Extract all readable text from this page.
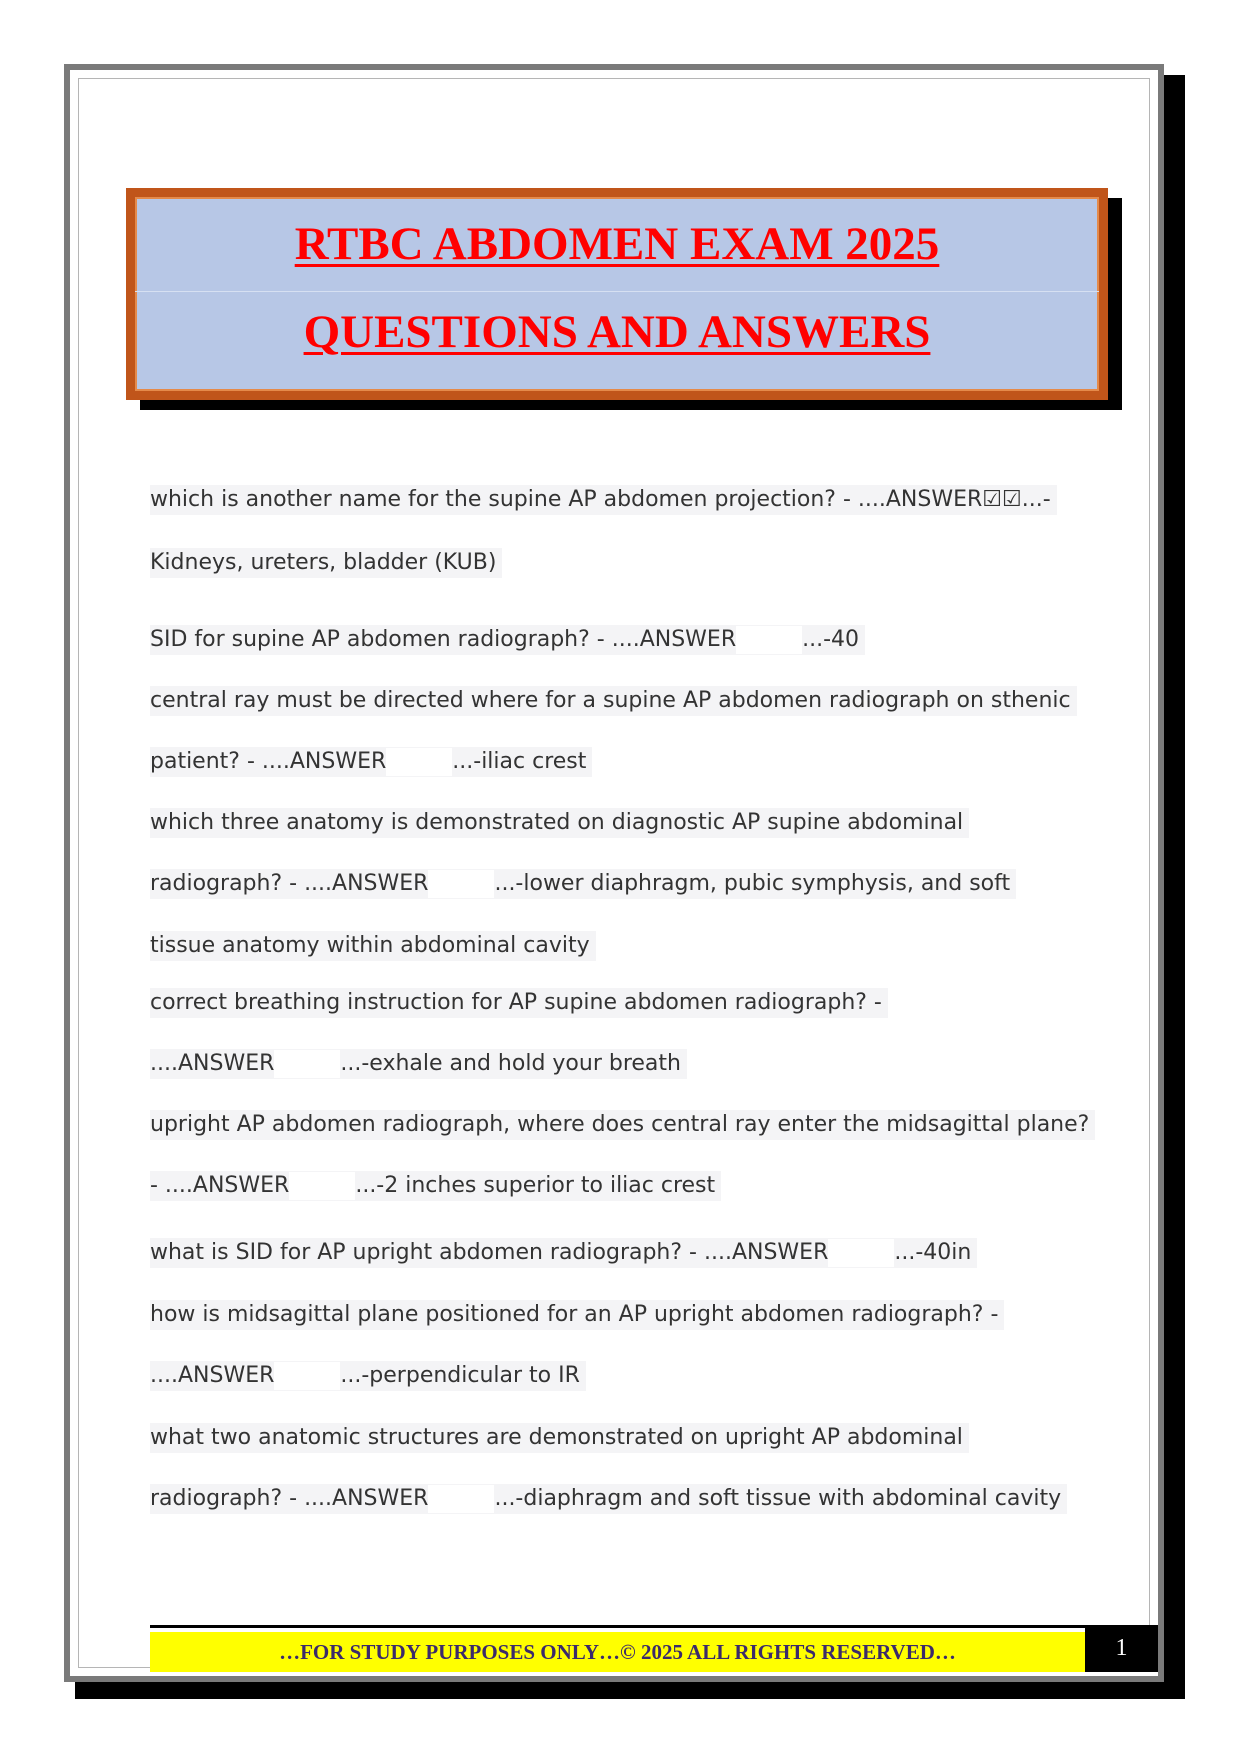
RTBC ABDOMEN EXAM 2025
QUESTIONS AND ANSWERS
which is another name for the supine AP abdomen projection? - ....ANSWER☑☑...-
Kidneys, ureters, bladder (KUB)
SID for supine AP abdomen radiograph? - ....ANSWER	...-40
central ray must be directed where for a supine AP abdomen radiograph on sthenic
patient? - ....ANSWER	...-iliac crest
which three anatomy is demonstrated on diagnostic AP supine abdominal
radiograph? - ....ANSWER	...-lower diaphragm, pubic symphysis, and soft
tissue anatomy within abdominal cavity
correct breathing instruction for AP supine abdomen radiograph? -
....ANSWER	...-exhale and hold your breath
upright AP abdomen radiograph, where does central ray enter the midsagittal plane?
- ....ANSWER	...-2 inches superior to iliac crest
what is SID for AP upright abdomen radiograph? - ....ANSWER	...-40in
how is midsagittal plane positioned for an AP upright abdomen radiograph? -
....ANSWER	...-perpendicular to IR
what two anatomic structures are demonstrated on upright AP abdominal
radiograph? - ....ANSWER	...-diaphragm and soft tissue with abdominal cavity
…FOR STUDY PURPOSES ONLY…© 2025 ALL RIGHTS RESERVED…	1
